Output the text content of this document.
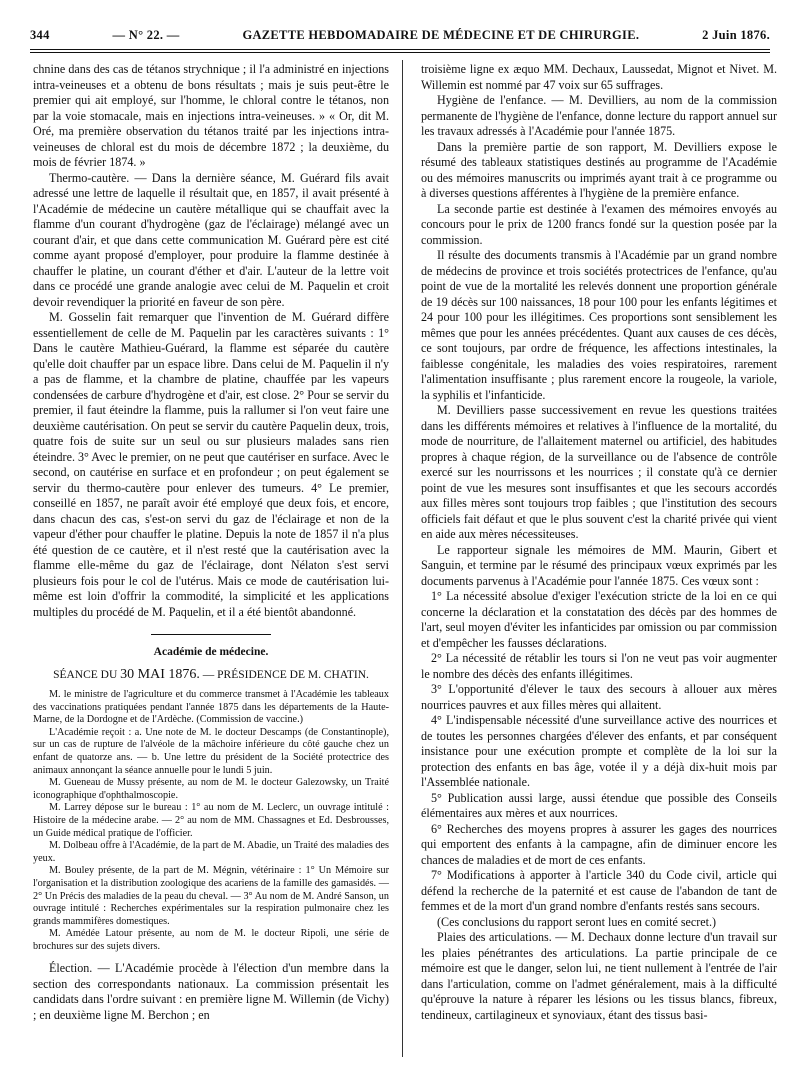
344	— N° 22. —	GAZETTE HEBDOMADAIRE DE MÉDECINE ET DE CHIRURGIE.	2 Juin 1876.

chnine dans des cas de tétanos strychnique ; il l'a administré en injections intra-veineuses et a obtenu de bons résultats ; mais je suis peut-être le premier qui ait employé, sur l'homme, le chloral contre le tétanos, non par la voie stomacale, mais en injections intra-veineuses. » « Or, dit M. Oré, ma première observation du tétanos traité par les injections intra-veineuses de chloral est du mois de décembre 1872 ; la deuxième, du mois de février 1874. »

Thermo-cautère. — Dans la dernière séance, M. Guérard fils avait adressé une lettre de laquelle il résultait que, en 1857, il avait présenté à l'Académie de médecine un cautère métallique qui se chauffait avec la flamme d'un courant d'hydrogène (gaz de l'éclairage) mélangé avec un courant d'air, et que dans cette communication M. Guérard père est cité comme ayant proposé d'employer, pour produire la flamme destinée à chauffer le platine, un courant d'éther et d'air. L'auteur de la lettre voit dans ce procédé une grande analogie avec celui de M. Paquelin et croit devoir revendiquer la priorité en faveur de son père.

M. Gosselin fait remarquer que l'invention de M. Guérard diffère essentiellement de celle de M. Paquelin par les caractères suivants : 1° Dans le cautère Mathieu-Guérard, la flamme est séparée du cautère qu'elle doit chauffer par un espace libre. Dans celui de M. Paquelin il n'y a pas de flamme, et la chambre de platine, chauffée par les vapeurs condensées de carbure d'hydrogène et d'air, est close. 2° Pour se servir du premier, il faut éteindre la flamme, puis la rallumer si l'on veut faire une deuxième cautérisation. On peut se servir du cautère Paquelin deux, trois, quatre fois de suite sur un seul ou sur plusieurs malades sans rien éteindre. 3° Avec le premier, on ne peut que cautériser en surface. Avec le second, on cautérise en surface et en profondeur ; on peut également se servir du thermo-cautère pour enlever des tumeurs. 4° Le premier, conseillé en 1857, ne paraît avoir été employé que deux fois, et encore, dans chacun des cas, s'est-on servi du gaz de l'éclairage et non de la vapeur d'éther pour chauffer le platine. Depuis la note de 1857 il n'a plus été question de ce cautère, et il n'est resté que la cautérisation avec la flamme elle-même du gaz de l'éclairage, dont Nélaton s'est servi plusieurs fois pour le col de l'utérus. Mais ce mode de cautérisation lui-même est loin d'offrir la commodité, la simplicité et les applications multiples du procédé de M. Paquelin, et il a été bientôt abandonné.

Académie de médecine.
SÉANCE DU 30 MAI 1876. — PRÉSIDENCE DE M. CHATIN.

M. le ministre de l'agriculture et du commerce transmet à l'Académie les tableaux des vaccinations pratiquées pendant l'année 1875 dans les départements de la Haute-Marne, de la Dordogne et de l'Ardèche. (Commission de vaccine.)

L'Académie reçoit : a. Une note de M. le docteur Descamps (de Constantinople), sur un cas de rupture de l'alvéole de la mâchoire inférieure du côté gauche chez un enfant de quatorze ans. — b. Une lettre du président de la Société protectrice des animaux annonçant la séance annuelle pour le lundi 5 juin.

M. Gueneau de Mussy présente, au nom de M. le docteur Galezowsky, un Traité iconographique d'ophthalmoscopie.

M. Larrey dépose sur le bureau : 1° au nom de M. Leclerc, un ouvrage intitulé : Histoire de la médecine arabe. — 2° au nom de MM. Chassagnes et Ed. Desbrousses, un Guide médical pratique de l'officier.

M. Dolbeau offre à l'Académie, de la part de M. Abadie, un Traité des maladies des yeux.

M. Bouley présente, de la part de M. Mégnin, vétérinaire : 1° Un Mémoire sur l'organisation et la distribution zoologique des acariens de la famille des gamasidés. — 2° Un Précis des maladies de la peau du cheval. — 3° Au nom de M. André Sanson, un ouvrage intitulé : Recherches expérimentales sur la respiration pulmonaire chez les grands mammifères domestiques.

M. Amédée Latour présente, au nom de M. le docteur Ripoli, une série de brochures sur des sujets divers.

Élection. — L'Académie procède à l'élection d'un membre dans la section des correspondants nationaux. La commission présentait les candidats dans l'ordre suivant : en première ligne M. Willemin (de Vichy) ; en deuxième ligne M. Berchon ; en

troisième ligne ex æquo MM. Dechaux, Laussedat, Mignot et Nivet. M. Willemin est nommé par 47 voix sur 65 suffrages.

Hygiène de l'enfance. — M. Devilliers, au nom de la commission permanente de l'hygiène de l'enfance, donne lecture du rapport annuel sur les travaux adressés à l'Académie pour l'année 1875.

Dans la première partie de son rapport, M. Devilliers expose le résumé des tableaux statistiques destinés au programme de l'Académie ou des mémoires manuscrits ou imprimés ayant trait à ce programme ou à diverses questions afférentes à l'hygiène de la première enfance.

La seconde partie est destinée à l'examen des mémoires envoyés au concours pour le prix de 1200 francs fondé sur la question posée par la commission.

Il résulte des documents transmis à l'Académie par un grand nombre de médecins de province et trois sociétés protectrices de l'enfance, qu'au point de vue de la mortalité les relevés donnent une proportion générale de 19 décès sur 100 naissances, 18 pour 100 pour les enfants légitimes et 24 pour 100 pour les illégitimes. Ces proportions sont sensiblement les mêmes que pour les années précédentes. Quant aux causes de ces décès, ce sont toujours, par ordre de fréquence, les affections intestinales, la faiblesse congénitale, les maladies des voies respiratoires, rarement l'alimentation insuffisante ; plus rarement encore la rougeole, la variole, la syphilis et l'infanticide.

M. Devilliers passe successivement en revue les questions traitées dans les différents mémoires et relatives à l'influence de la mortalité, du mode de nourriture, de l'allaitement maternel ou artificiel, des habitudes propres à chaque région, de la surveillance ou de l'absence de contrôle exercé sur les nourrissons et les nourrices ; il constate qu'à ce dernier point de vue les mesures sont insuffisantes et que les secours accordés aux filles mères sont toujours trop faibles ; que l'institution des secours officiels fait défaut et que le plus souvent c'est la charité privée qui vient en aide aux mères nécessiteuses.

Le rapporteur signale les mémoires de MM. Maurin, Gibert et Sanguin, et termine par le résumé des principaux vœux exprimés par les documents parvenus à l'Académie pour l'année 1875. Ces vœux sont :

1° La nécessité absolue d'exiger l'exécution stricte de la loi en ce qui concerne la déclaration et la constatation des décès par des hommes de l'art, seul moyen d'éviter les infanticides par omission ou par commission et d'empêcher les fausses déclarations.

2° La nécessité de rétablir les tours si l'on ne veut pas voir augmenter le nombre des décès des enfants illégitimes.

3° L'opportunité d'élever le taux des secours à allouer aux mères nourrices pauvres et aux filles mères qui allaitent.

4° L'indispensable nécessité d'une surveillance active des nourrices et de toutes les personnes chargées d'élever des enfants, et par conséquent insistance pour une exécution prompte et complète de la loi sur la protection des enfants en bas âge, votée il y a déjà dix-huit mois par l'Assemblée nationale.

5° Publication aussi large, aussi étendue que possible des Conseils élémentaires aux mères et aux nourrices.

6° Recherches des moyens propres à assurer les gages des nourrices qui emportent des enfants à la campagne, afin de diminuer encore les chances de maladies et de mort de ces enfants.

7° Modifications à apporter à l'article 340 du Code civil, article qui défend la recherche de la paternité et est cause de l'abandon de tant de femmes et de la mort d'un grand nombre d'enfants restés sans secours.

(Ces conclusions du rapport seront lues en comité secret.)

Plaies des articulations. — M. Dechaux donne lecture d'un travail sur les plaies pénétrantes des articulations. La partie principale de ce mémoire est que le danger, selon lui, ne tient nullement à l'entrée de l'air dans l'articulation, comme on l'admet généralement, mais à la difficulté qu'éprouve la nature à réparer les lésions ou les tissus blancs, fibreux, tendineux, cartilagineux et synoviaux, étant des tissus basi-
